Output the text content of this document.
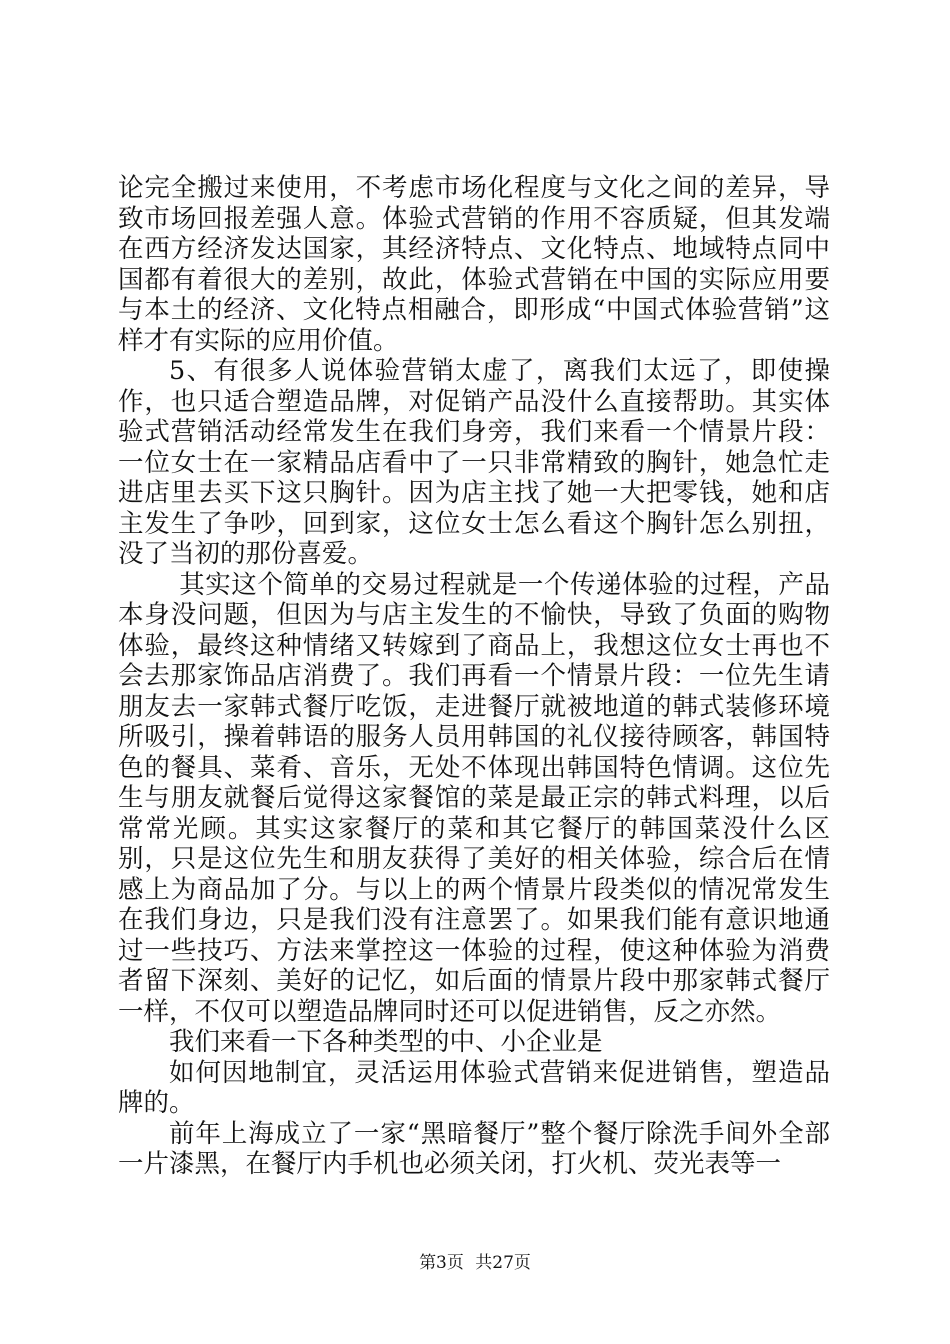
论完全搬过来使用，不考虑市场化程度与文化之间的差异，导致市场回报差强人意。体验式营销的作用不容质疑，但其发端在西方经济发达国家，其经济特点、文化特点、地域特点同中国都有着很大的差别，故此，体验式营销在中国的实际应用要与本土的经济、文化特点相融合，即形成“中国式体验营销”这样才有实际的应用价值。

5、有很多人说体验营销太虚了，离我们太远了，即使操作，也只适合塑造品牌，对促销产品没什么直接帮助。其实体验式营销活动经常发生在我们身旁，我们来看一个情景片段：一位女士在一家精品店看中了一只非常精致的胸针，她急忙走进店里去买下这只胸针。因为店主找了她一大把零钱，她和店主发生了争吵，回到家，这位女士怎么看这个胸针怎么别扭，没了当初的那份喜爱。

其实这个简单的交易过程就是一个传递体验的过程，产品本身没问题，但因为与店主发生的不愉快，导致了负面的购物体验，最终这种情绪又转嫁到了商品上，我想这位女士再也不会去那家饰品店消费了。我们再看一个情景片段：一位先生请朋友去一家韩式餐厅吃饭，走进餐厅就被地道的韩式装修环境所吸引，操着韩语的服务人员用韩国的礼仪接待顾客，韩国特色的餐具、菜肴、音乐，无处不体现出韩国特色情调。这位先生与朋友就餐后觉得这家餐馆的菜是最正宗的韩式料理，以后常常光顾。其实这家餐厅的菜和其它餐厅的韩国菜没什么区别，只是这位先生和朋友获得了美好的相关体验，综合后在情感上为商品加了分。与以上的两个情景片段类似的情况常发生在我们身边，只是我们没有注意罢了。如果我们能有意识地通过一些技巧、方法来掌控这一体验的过程，使这种体验为消费者留下深刻、美好的记忆，如后面的情景片段中那家韩式餐厅一样，不仅可以塑造品牌同时还可以促进销售，反之亦然。

我们来看一下各种类型的中、小企业是

如何因地制宜，灵活运用体验式营销来促进销售，塑造品牌的。

前年上海成立了一家“黑暗餐厅”整个餐厅除洗手间外全部一片漆黑，在餐厅内手机也必须关闭，打火机、荧光表等一

第3页 共27页
